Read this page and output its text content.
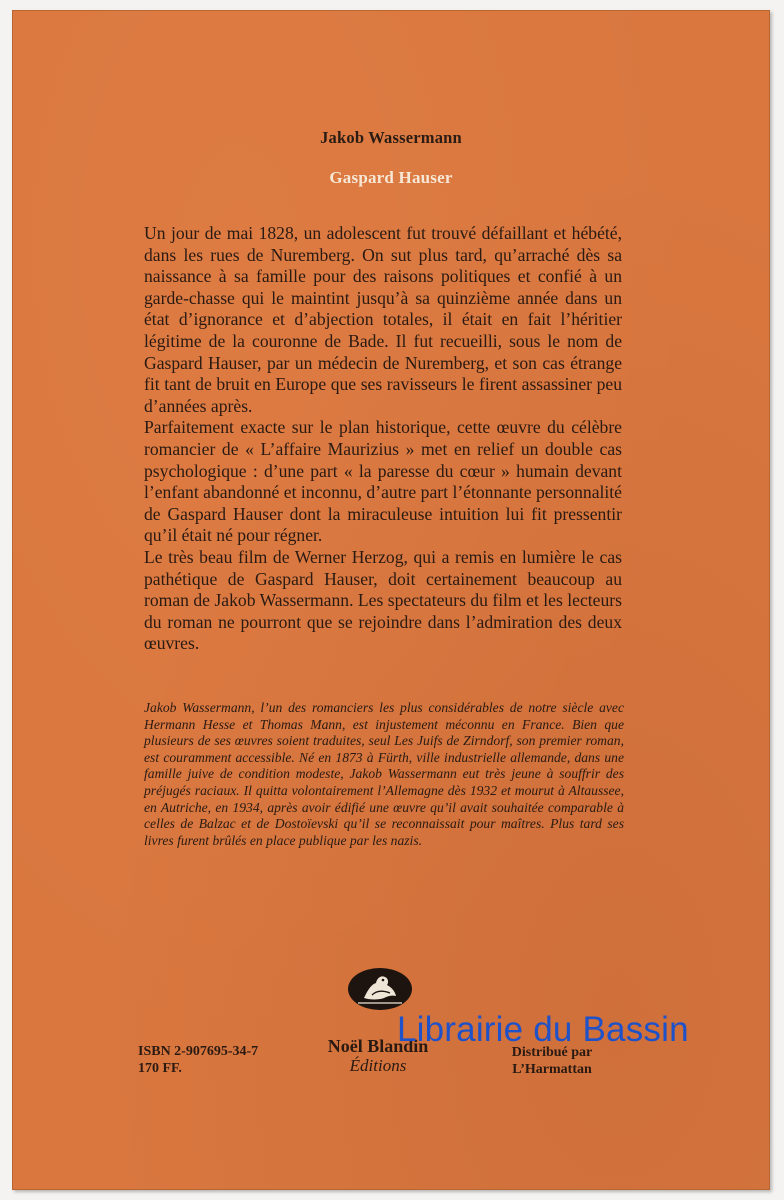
Jakob Wassermann
Gaspard Hauser

Un jour de mai 1828, un adolescent fut trouvé défaillant et hébété, dans les rues de Nuremberg. On sut plus tard, qu’arraché dès sa naissance à sa famille pour des raisons politiques et confié à un garde-chasse qui le maintint jusqu’à sa quinzième année dans un état d’ignorance et d’abjection totales, il était en fait l’héritier légitime de la couronne de Bade. Il fut recueilli, sous le nom de Gaspard Hauser, par un médecin de Nuremberg, et son cas étrange fit tant de bruit en Europe que ses ravisseurs le firent assassiner peu d’années après.

Parfaitement exacte sur le plan historique, cette œuvre du célèbre romancier de « L’affaire Maurizius » met en relief un double cas psychologique : d’une part « la paresse du cœur » humain devant l’enfant abandonné et inconnu, d’autre part l’étonnante personnalité de Gaspard Hauser dont la miraculeuse intuition lui fit pressentir qu’il était né pour régner.

Le très beau film de Werner Herzog, qui a remis en lumière le cas pathétique de Gaspard Hauser, doit certainement beaucoup au roman de Jakob Wassermann. Les spectateurs du film et les lecteurs du roman ne pourront que se rejoindre dans l’admiration des deux œuvres.

Jakob Wassermann, l’un des romanciers les plus considérables de notre siècle avec Hermann Hesse et Thomas Mann, est injustement méconnu en France. Bien que plusieurs de ses œuvres soient traduites, seul Les Juifs de Zirndorf, son premier roman, est couramment accessible. Né en 1873 à Fürth, ville industrielle allemande, dans une famille juive de condition modeste, Jakob Wassermann eut très jeune à souffrir des préjugés raciaux. Il quitta volontairement l’Allemagne dès 1932 et mourut à Altaussee, en Autriche, en 1934, après avoir édifié une œuvre qu’il avait souhaitée comparable à celles de Balzac et de Dostoïevski qu’il se reconnaissait pour maîtres. Plus tard ses livres furent brûlés en place publique par les nazis.
ISBN 2-907695-34-7
170 FF.
Noël Blandin
Éditions
Distribué par
L’Harmattan
Librairie du Bassin
